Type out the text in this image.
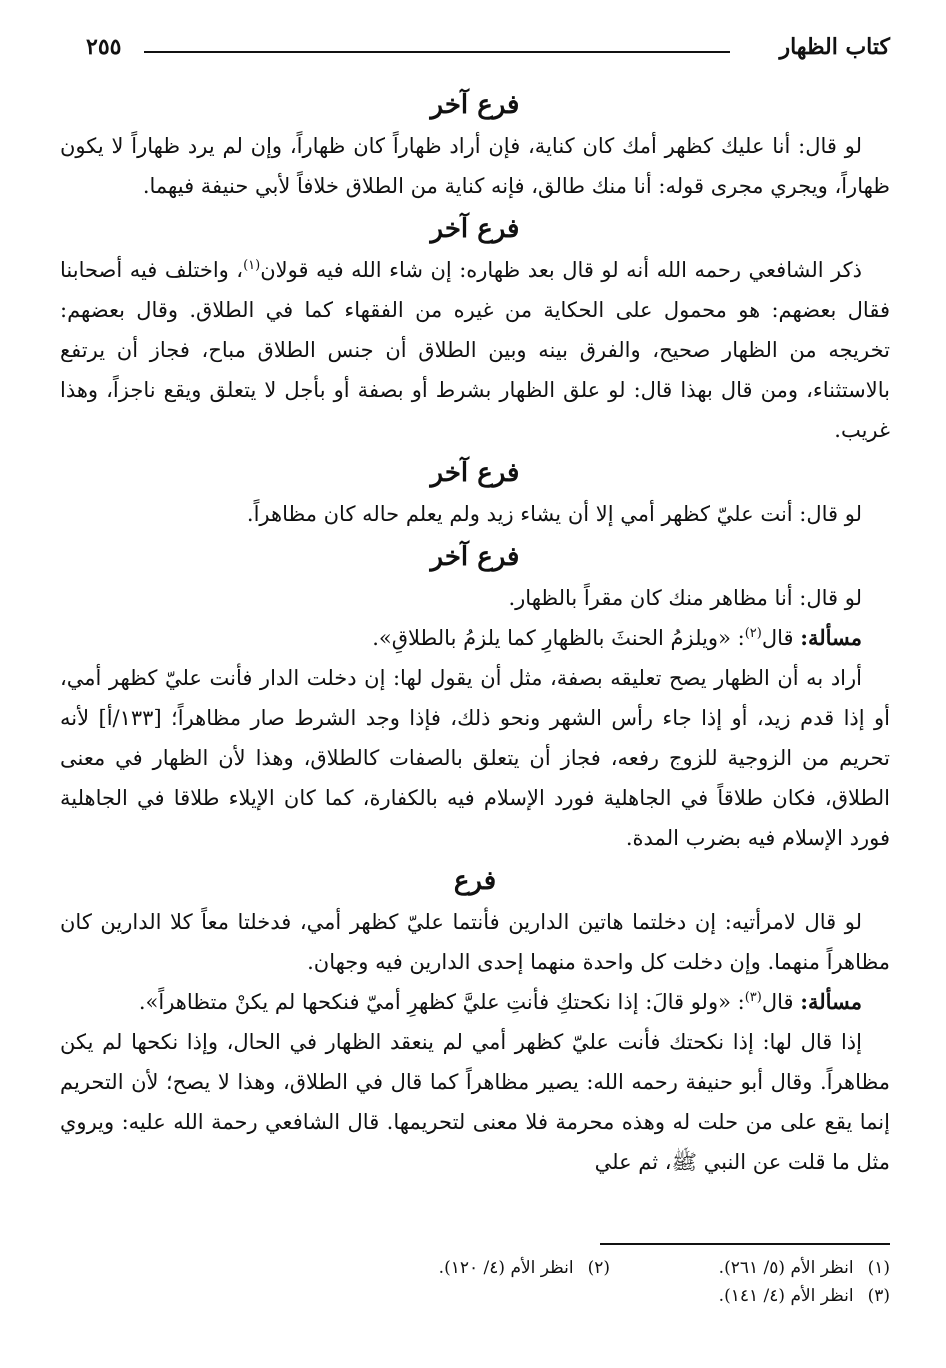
كتاب الظهار
٢٥٥
فرع آخر

لو قال: أنا عليك كظهر أمك كان كناية، فإن أراد ظهاراً كان ظهاراً، وإن لم يرد ظهاراً لا يكون ظهاراً، ويجري مجرى قوله: أنا منك طالق، فإنه كناية من الطلاق خلافاً لأبي حنيفة فيهما.

فرع آخر

ذكر الشافعي رحمه الله أنه لو قال بعد ظهاره: إن شاء الله فيه قولان$^{(١)}$، واختلف فيه أصحابنا فقال بعضهم: هو محمول على الحكاية من غيره من الفقهاء كما في الطلاق. وقال بعضهم: تخريجه من الظهار صحيح، والفرق بينه وبين الطلاق أن جنس الطلاق مباح، فجاز أن يرتفع بالاستثناء، ومن قال بهذا قال: لو علق الظهار بشرط أو بصفة أو بأجل لا يتعلق ويقع ناجزاً، وهذا غريب.

فرع آخر

لو قال: أنت عليّ كظهر أمي إلا أن يشاء زيد ولم يعلم حاله كان مظاهراً.

فرع آخر

لو قال: أنا مظاهر منك كان مقراً بالظهار.

مسألة: قال$^{(٢)}$: «ويلزمُ الحنثَ بالظهارِ كما يلزمُ بالطلاقِ».

أراد به أن الظهار يصح تعليقه بصفة، مثل أن يقول لها: إن دخلت الدار فأنت عليّ كظهر أمي، أو إذا قدم زيد، أو إذا جاء رأس الشهر ونحو ذلك، فإذا وجد الشرط صار مظاهراً؛ [١٣٣/أ] لأنه تحريم من الزوجية للزوج رفعه، فجاز أن يتعلق بالصفات كالطلاق، وهذا لأن الظهار في معنى الطلاق، فكان طلاقاً في الجاهلية فورد الإسلام فيه بالكفارة، كما كان الإيلاء طلاقا في الجاهلية فورد الإسلام فيه بضرب المدة.

فرع

لو قال لامرأتيه: إن دخلتما هاتين الدارين فأنتما عليّ كظهر أمي، فدخلتا معاً كلا الدارين كان مظاهراً منهما. وإن دخلت كل واحدة منهما إحدى الدارين فيه وجهان.

مسألة: قال$^{(٣)}$: «ولو قالَ: إذا نكحتكِ فأنتِ عليَّ كظهرِ أميّ فنكحها لم يكنْ متظاهراً».

إذا قال لها: إذا نكحتك فأنت عليّ كظهر أمي لم ينعقد الظهار في الحال، وإذا نكحها لم يكن مظاهراً. وقال أبو حنيفة رحمه الله: يصير مظاهراً كما قال في الطلاق، وهذا لا يصح؛ لأن التحريم إنما يقع على من حلت له وهذه محرمة فلا معنى لتحريمها. قال الشافعي رحمة الله عليه: ويروي مثل ما قلت عن النبي ﷺ، ثم علي

(١)انظر الأم (٥/ ٢٦١).
(٢)انظر الأم (٤/ ١٢٠).
(٣)انظر الأم (٤/ ١٤١).
